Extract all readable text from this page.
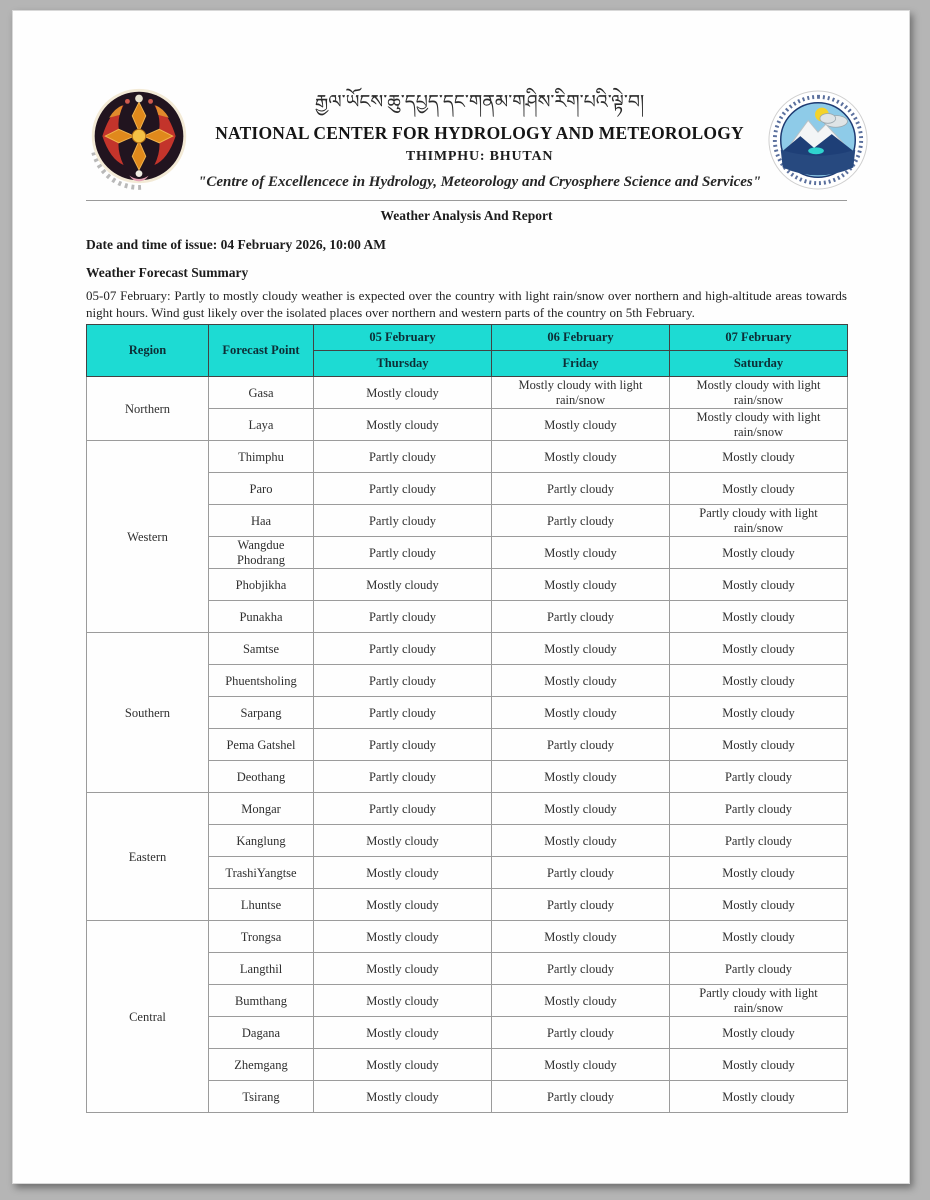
རྒྱལ་ཡོངས་ཆུ་དཔྱད་དང་གནམ་གཤིས་རིག་པའི་ལྟེ་བ།
NATIONAL CENTER FOR HYDROLOGY AND METEOROLOGY
THIMPHU: BHUTAN
"Centre of Excellencece in Hydrology, Meteorology and Cryosphere Science and Services"
Weather Analysis And Report
Date and time of issue: 04 February 2026, 10:00 AM
Weather Forecast Summary
05-07 February: Partly to mostly cloudy weather is expected over the country with light rain/snow over northern and high-altitude areas towards night hours. Wind gust likely over the isolated places over northern and western parts of the country on 5th February.
Region	Forecast Point	05 February	06 February	07 February
		Thursday	Friday	Saturday
Northern	Gasa	Mostly cloudy	Mostly cloudy with light rain/snow	Mostly cloudy with light rain/snow
	Laya	Mostly cloudy	Mostly cloudy	Mostly cloudy with light rain/snow
Western	Thimphu	Partly cloudy	Mostly cloudy	Mostly cloudy
	Paro	Partly cloudy	Partly cloudy	Mostly cloudy
	Haa	Partly cloudy	Partly cloudy	Partly cloudy with light rain/snow
	Wangdue Phodrang	Partly cloudy	Mostly cloudy	Mostly cloudy
	Phobjikha	Mostly cloudy	Mostly cloudy	Mostly cloudy
	Punakha	Partly cloudy	Partly cloudy	Mostly cloudy
Southern	Samtse	Partly cloudy	Mostly cloudy	Mostly cloudy
	Phuentsholing	Partly cloudy	Mostly cloudy	Mostly cloudy
	Sarpang	Partly cloudy	Mostly cloudy	Mostly cloudy
	Pema Gatshel	Partly cloudy	Partly cloudy	Mostly cloudy
	Deothang	Partly cloudy	Mostly cloudy	Partly cloudy
Eastern	Mongar	Partly cloudy	Mostly cloudy	Partly cloudy
	Kanglung	Mostly cloudy	Mostly cloudy	Partly cloudy
	TrashiYangtse	Mostly cloudy	Partly cloudy	Mostly cloudy
	Lhuntse	Mostly cloudy	Partly cloudy	Mostly cloudy
Central	Trongsa	Mostly cloudy	Mostly cloudy	Mostly cloudy
	Langthil	Mostly cloudy	Partly cloudy	Partly cloudy
	Bumthang	Mostly cloudy	Mostly cloudy	Partly cloudy with light rain/snow
	Dagana	Mostly cloudy	Partly cloudy	Mostly cloudy
	Zhemgang	Mostly cloudy	Mostly cloudy	Mostly cloudy
	Tsirang	Mostly cloudy	Partly cloudy	Mostly cloudy
